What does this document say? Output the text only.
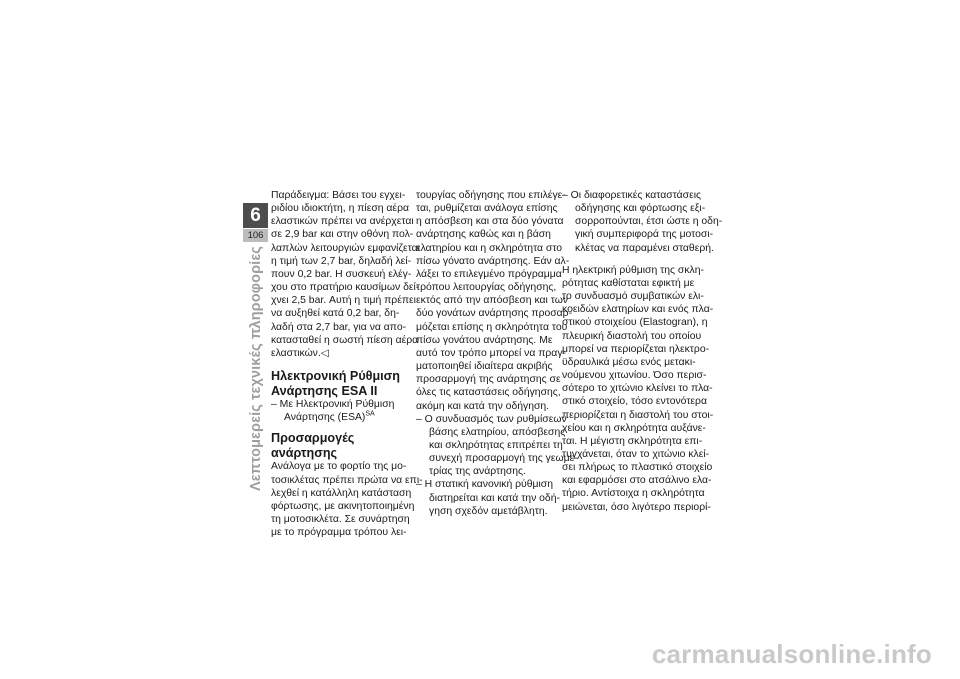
6
106
Λεπτομερείς τεχνικές πληροφορίες

Παράδειγμα: Βάσει του εγχει-
ριδίου ιδιοκτήτη, η πίεση αέρα
ελαστικών πρέπει να ανέρχεται
σε 2,9 bar και στην οθόνη πολ-
λαπλών λειτουργιών εμφανίζεται
η τιμή των 2,7 bar, δηλαδή λεί-
πουν 0,2 bar. Η συσκευή ελέγ-
χου στο πρατήριο καυσίμων δεί-
χνει 2,5 bar. Αυτή η τιμή πρέπει
να αυξηθεί κατά 0,2 bar, δη-
λαδή στα 2,7 bar, για να απο-
κατασταθεί η σωστή πίεση αέρα
ελαστικών.◁

Ηλεκτρονική Ρύθμιση
Ανάρτησης ESA II
– Με Ηλεκτρονική Ρύθμιση
Ανάρτησης (ESA)$^{SA}$
Προσαρμογές ανάρτησης

Ανάλογα με το φορτίο της μο-
τοσικλέτας πρέπει πρώτα να επι-
λεχθεί η κατάλληλη κατάσταση
φόρτωσης, με ακινητοποιημένη
τη μοτοσικλέτα. Σε συνάρτηση
με το πρόγραμμα τρόπου λει-

τουργίας οδήγησης που επιλέγε-
ται, ρυθμίζεται ανάλογα επίσης
η απόσβεση και στα δύο γόνατα
ανάρτησης καθώς και η βάση
ελατηρίου και η σκληρότητα στο
πίσω γόνατο ανάρτησης. Εάν αλ-
λάξει το επιλεγμένο πρόγραμμα
τρόπου λειτουργίας οδήγησης,
εκτός από την απόσβεση και των
δύο γονάτων ανάρτησης προσαρ-
μόζεται επίσης η σκληρότητα του
πίσω γονάτου ανάρτησης. Με
αυτό τον τρόπο μπορεί να πραγ-
ματοποιηθεί ιδιαίτερα ακριβής
προσαρμογή της ανάρτησης σε
όλες τις καταστάσεις οδήγησης,
ακόμη και κατά την οδήγηση.

– Ο συνδυασμός των ρυθμίσεων
βάσης ελατηρίου, απόσβεσης
και σκληρότητας επιτρέπει τη
συνεχή προσαρμογή της γεωμε-
τρίας της ανάρτησης.
– Η στατική κανονική ρύθμιση
διατηρείται και κατά την οδή-
γηση σχεδόν αμετάβλητη.
– Οι διαφορετικές καταστάσεις
οδήγησης και φόρτωσης εξι-
σορροπούνται, έτσι ώστε η οδη-
γική συμπεριφορά της μοτοσι-
κλέτας να παραμένει σταθερή.

Η ηλεκτρική ρύθμιση της σκλη-
ρότητας καθίσταται εφικτή με
το συνδυασμό συμβατικών ελι-
κοειδών ελατηρίων και ενός πλα-
στικού στοιχείου (Elastogran), η
πλευρική διαστολή του οποίου
μπορεί να περιορίζεται ηλεκτρο-
ϋδραυλικά μέσω ενός μετακι-
νούμενου χιτωνίου. Όσο περισ-
σότερο το χιτώνιο κλείνει το πλα-
στικό στοιχείο, τόσο εντονότερα
περιορίζεται η διαστολή του στοι-
χείου και η σκληρότητα αυξάνε-
ται. Η μέγιστη σκληρότητα επι-
τυγχάνεται, όταν το χιτώνιο κλεί-
σει πλήρως το πλαστικό στοιχείο
και εφαρμόσει στο ατσάλινο ελα-
τήριο. Αντίστοιχα η σκληρότητα
μειώνεται, όσο λιγότερο περιορί-

carmanualsonline.info
